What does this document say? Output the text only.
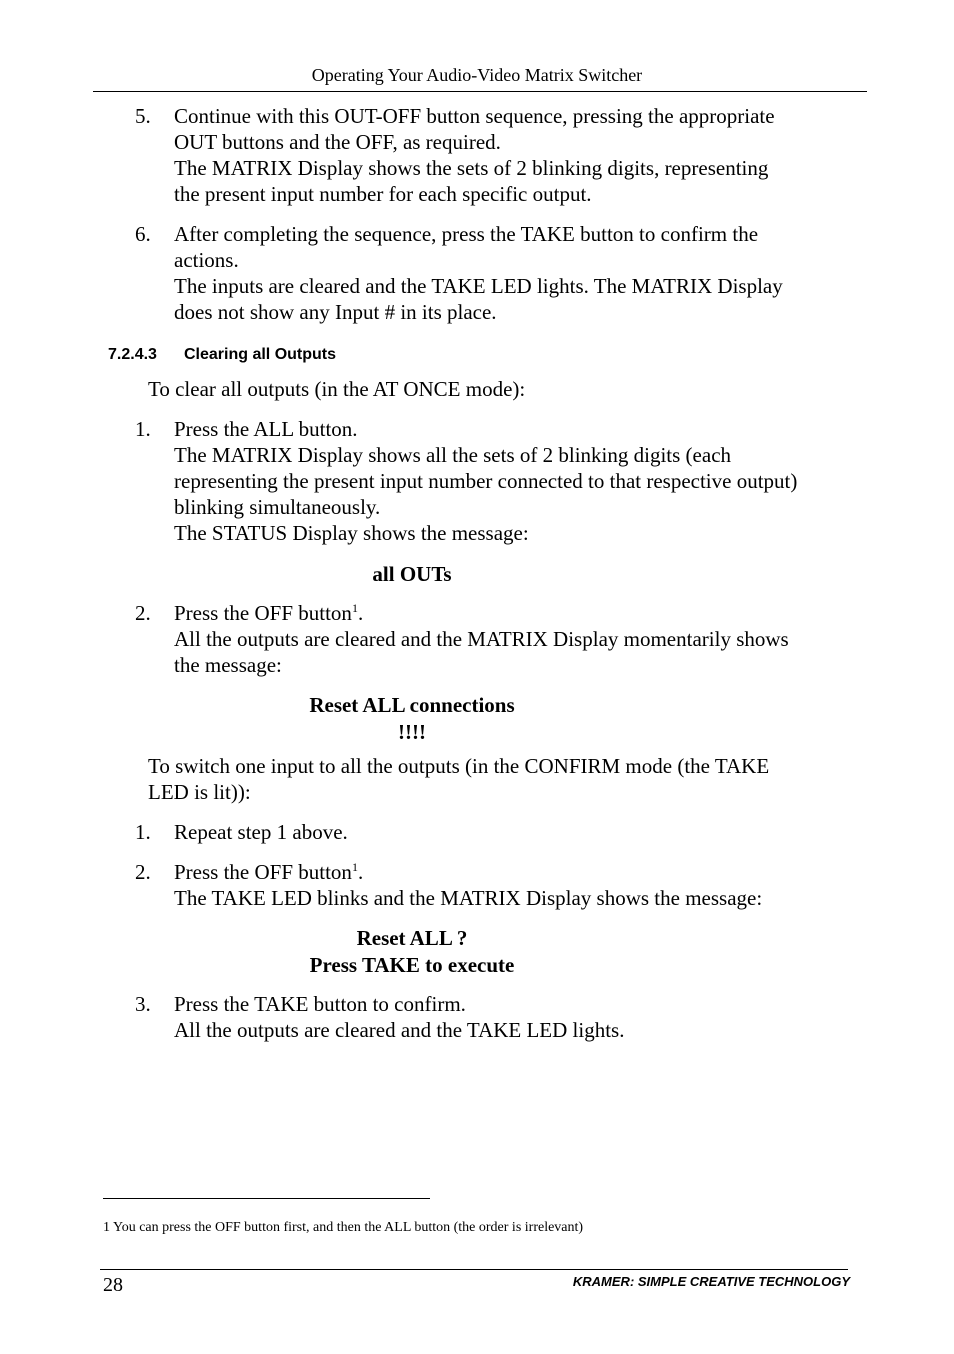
Operating Your Audio-Video Matrix Switcher
5.	Continue with this OUT-OFF button sequence, pressing the appropriate
OUT buttons and the OFF, as required.
The MATRIX Display shows the sets of 2 blinking digits, representing
the present input number for each specific output.
6.	After completing the sequence, press the TAKE button to confirm the
actions.
The inputs are cleared and the TAKE LED lights. The MATRIX Display
does not show any Input # in its place.
7.2.4.3 Clearing all Outputs
To clear all outputs (in the AT ONCE mode):
1.	Press the ALL button.
The MATRIX Display shows all the sets of 2 blinking digits (each
representing the present input number connected to that respective output)
blinking simultaneously.
The STATUS Display shows the message:
all OUTs
2.	Press the OFF button$^1$.
All the outputs are cleared and the MATRIX Display momentarily shows
the message:
Reset ALL connections
!!!!
To switch one input to all the outputs (in the CONFIRM mode (the TAKE
LED is lit)):
1.	Repeat step 1 above.
2.	Press the OFF button$^1$.
The TAKE LED blinks and the MATRIX Display shows the message:
Reset ALL ?
Press TAKE to execute
3.	Press the TAKE button to confirm.
All the outputs are cleared and the TAKE LED lights.
1 You can press the OFF button first, and then the ALL button (the order is irrelevant)
28	KRAMER: SIMPLE CREATIVE TECHNOLOGY
